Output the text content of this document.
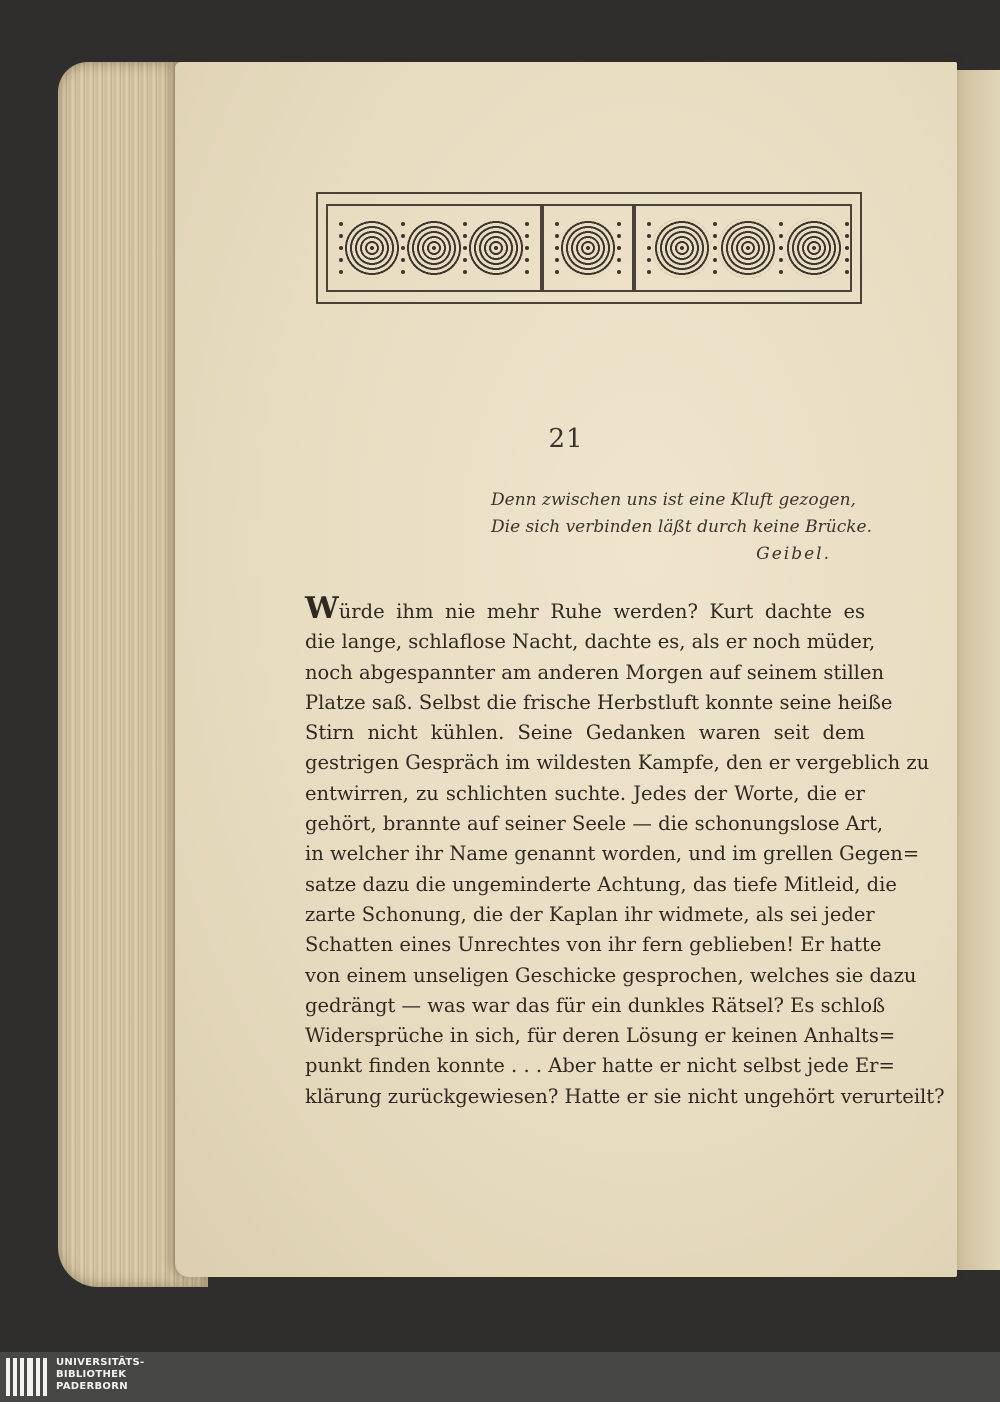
21
Denn zwischen uns ist eine Kluft gezogen,
Die sich verbinden läßt durch keine Brücke.
Geibel.
Würde ihm nie mehr Ruhe werden? Kurt dachte es
die lange, schlaflose Nacht, dachte es, als er noch müder,
noch abgespannter am anderen Morgen auf seinem stillen
Platze saß. Selbst die frische Herbstluft konnte seine heiße
Stirn nicht kühlen. Seine Gedanken waren seit dem
gestrigen Gespräch im wildesten Kampfe, den er vergeblich zu
entwirren, zu schlichten suchte. Jedes der Worte, die er
gehört, brannte auf seiner Seele — die schonungslose Art,
in welcher ihr Name genannt worden, und im grellen Gegen=
satze dazu die ungeminderte Achtung, das tiefe Mitleid, die
zarte Schonung, die der Kaplan ihr widmete, als sei jeder
Schatten eines Unrechtes von ihr fern geblieben! Er hatte
von einem unseligen Geschicke gesprochen, welches sie dazu
gedrängt — was war das für ein dunkles Rätsel? Es schloß
Widersprüche in sich, für deren Lösung er keinen Anhalts=
punkt finden konnte . . . Aber hatte er nicht selbst jede Er=
klärung zurückgewiesen? Hatte er sie nicht ungehört verurteilt?
UNIVERSITÄTS-
BIBLIOTHEK
PADERBORN
